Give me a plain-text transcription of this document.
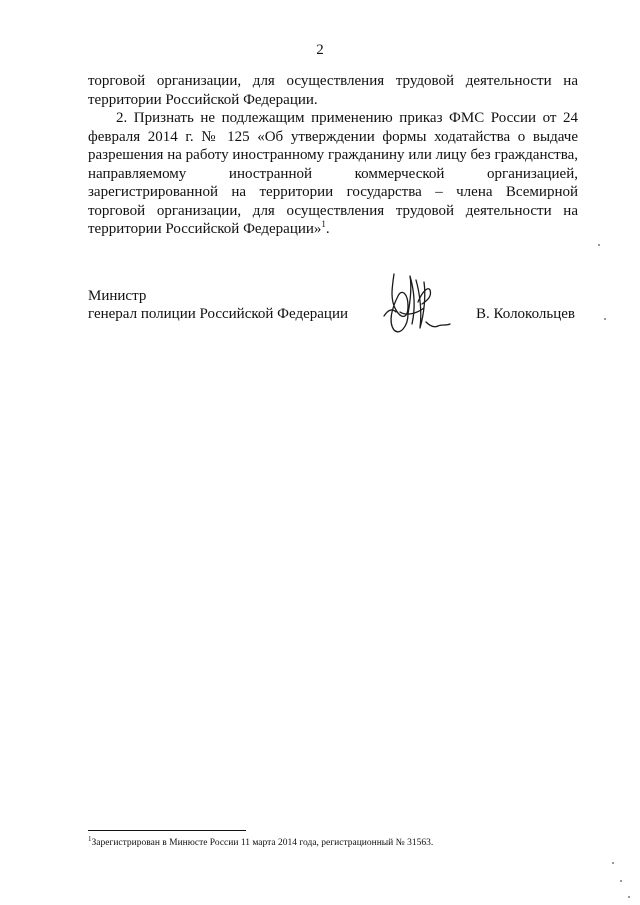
2

торговой организации, для осуществления трудовой деятельности на территории Российской Федерации.

2. Признать не подлежащим применению приказ ФМС России от 24 февраля 2014 г. № 125 «Об утверждении формы ходатайства о выдаче разрешения на работу иностранному гражданину или лицу без гражданства, направляемому иностранной коммерческой организацией, зарегистрированной на территории государства – члена Всемирной торговой организации, для осуществления трудовой деятельности на территории Российской Федерации»$^1$.

Министр
генерал полиции Российской Федерации	В. Колокольцев
$^1$Зарегистрирован в Минюсте России 11 марта 2014 года, регистрационный № 31563.
